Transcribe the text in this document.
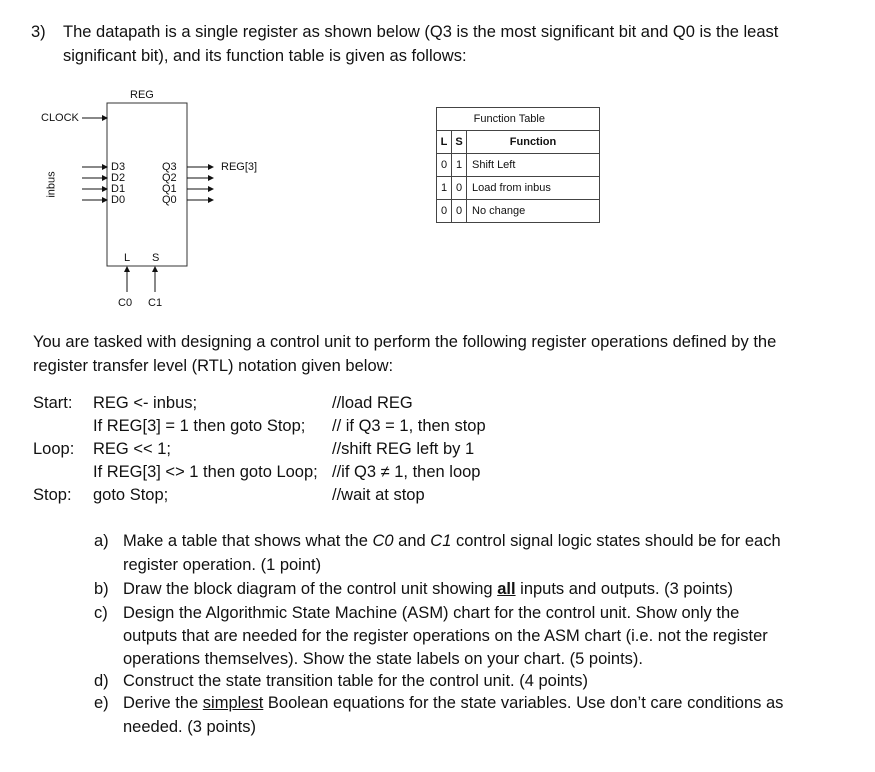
3) The datapath is a single register as shown below (Q3 is the most significant bit and Q0 is the least
significant bit), and its function table is given as follows:
REG
CLOCK
inbus
D3
D2
D1
D0
Q3
Q2
Q1
Q0
REG[3]
L S
C0 C1
Function Table		
L	S	Function
0	1	Shift Left
1	0	Load from inbus
0	0	No change
You are tasked with designing a control unit to perform the following register operations defined by the
register transfer level (RTL) notation given below:
Start: REG <- inbus;	//load REG
If REG[3] = 1 then goto Stop; // if Q3 = 1, then stop
Loop: REG << 1;	//shift REG left by 1
If REG[3] <> 1 then goto Loop; //if Q3 ≠ 1, then loop
Stop: goto Stop;	//wait at stop
a) Make a table that shows what the C0 and C1 control signal logic states should be for each
register operation. (1 point)
b) Draw the block diagram of the control unit showing all inputs and outputs. (3 points)
c) Design the Algorithmic State Machine (ASM) chart for the control unit. Show only the
outputs that are needed for the register operations on the ASM chart (i.e. not the register
operations themselves). Show the state labels on your chart. (5 points).
d) Construct the state transition table for the control unit. (4 points)
e) Derive the simplest Boolean equations for the state variables. Use don’t care conditions as
needed. (3 points)
